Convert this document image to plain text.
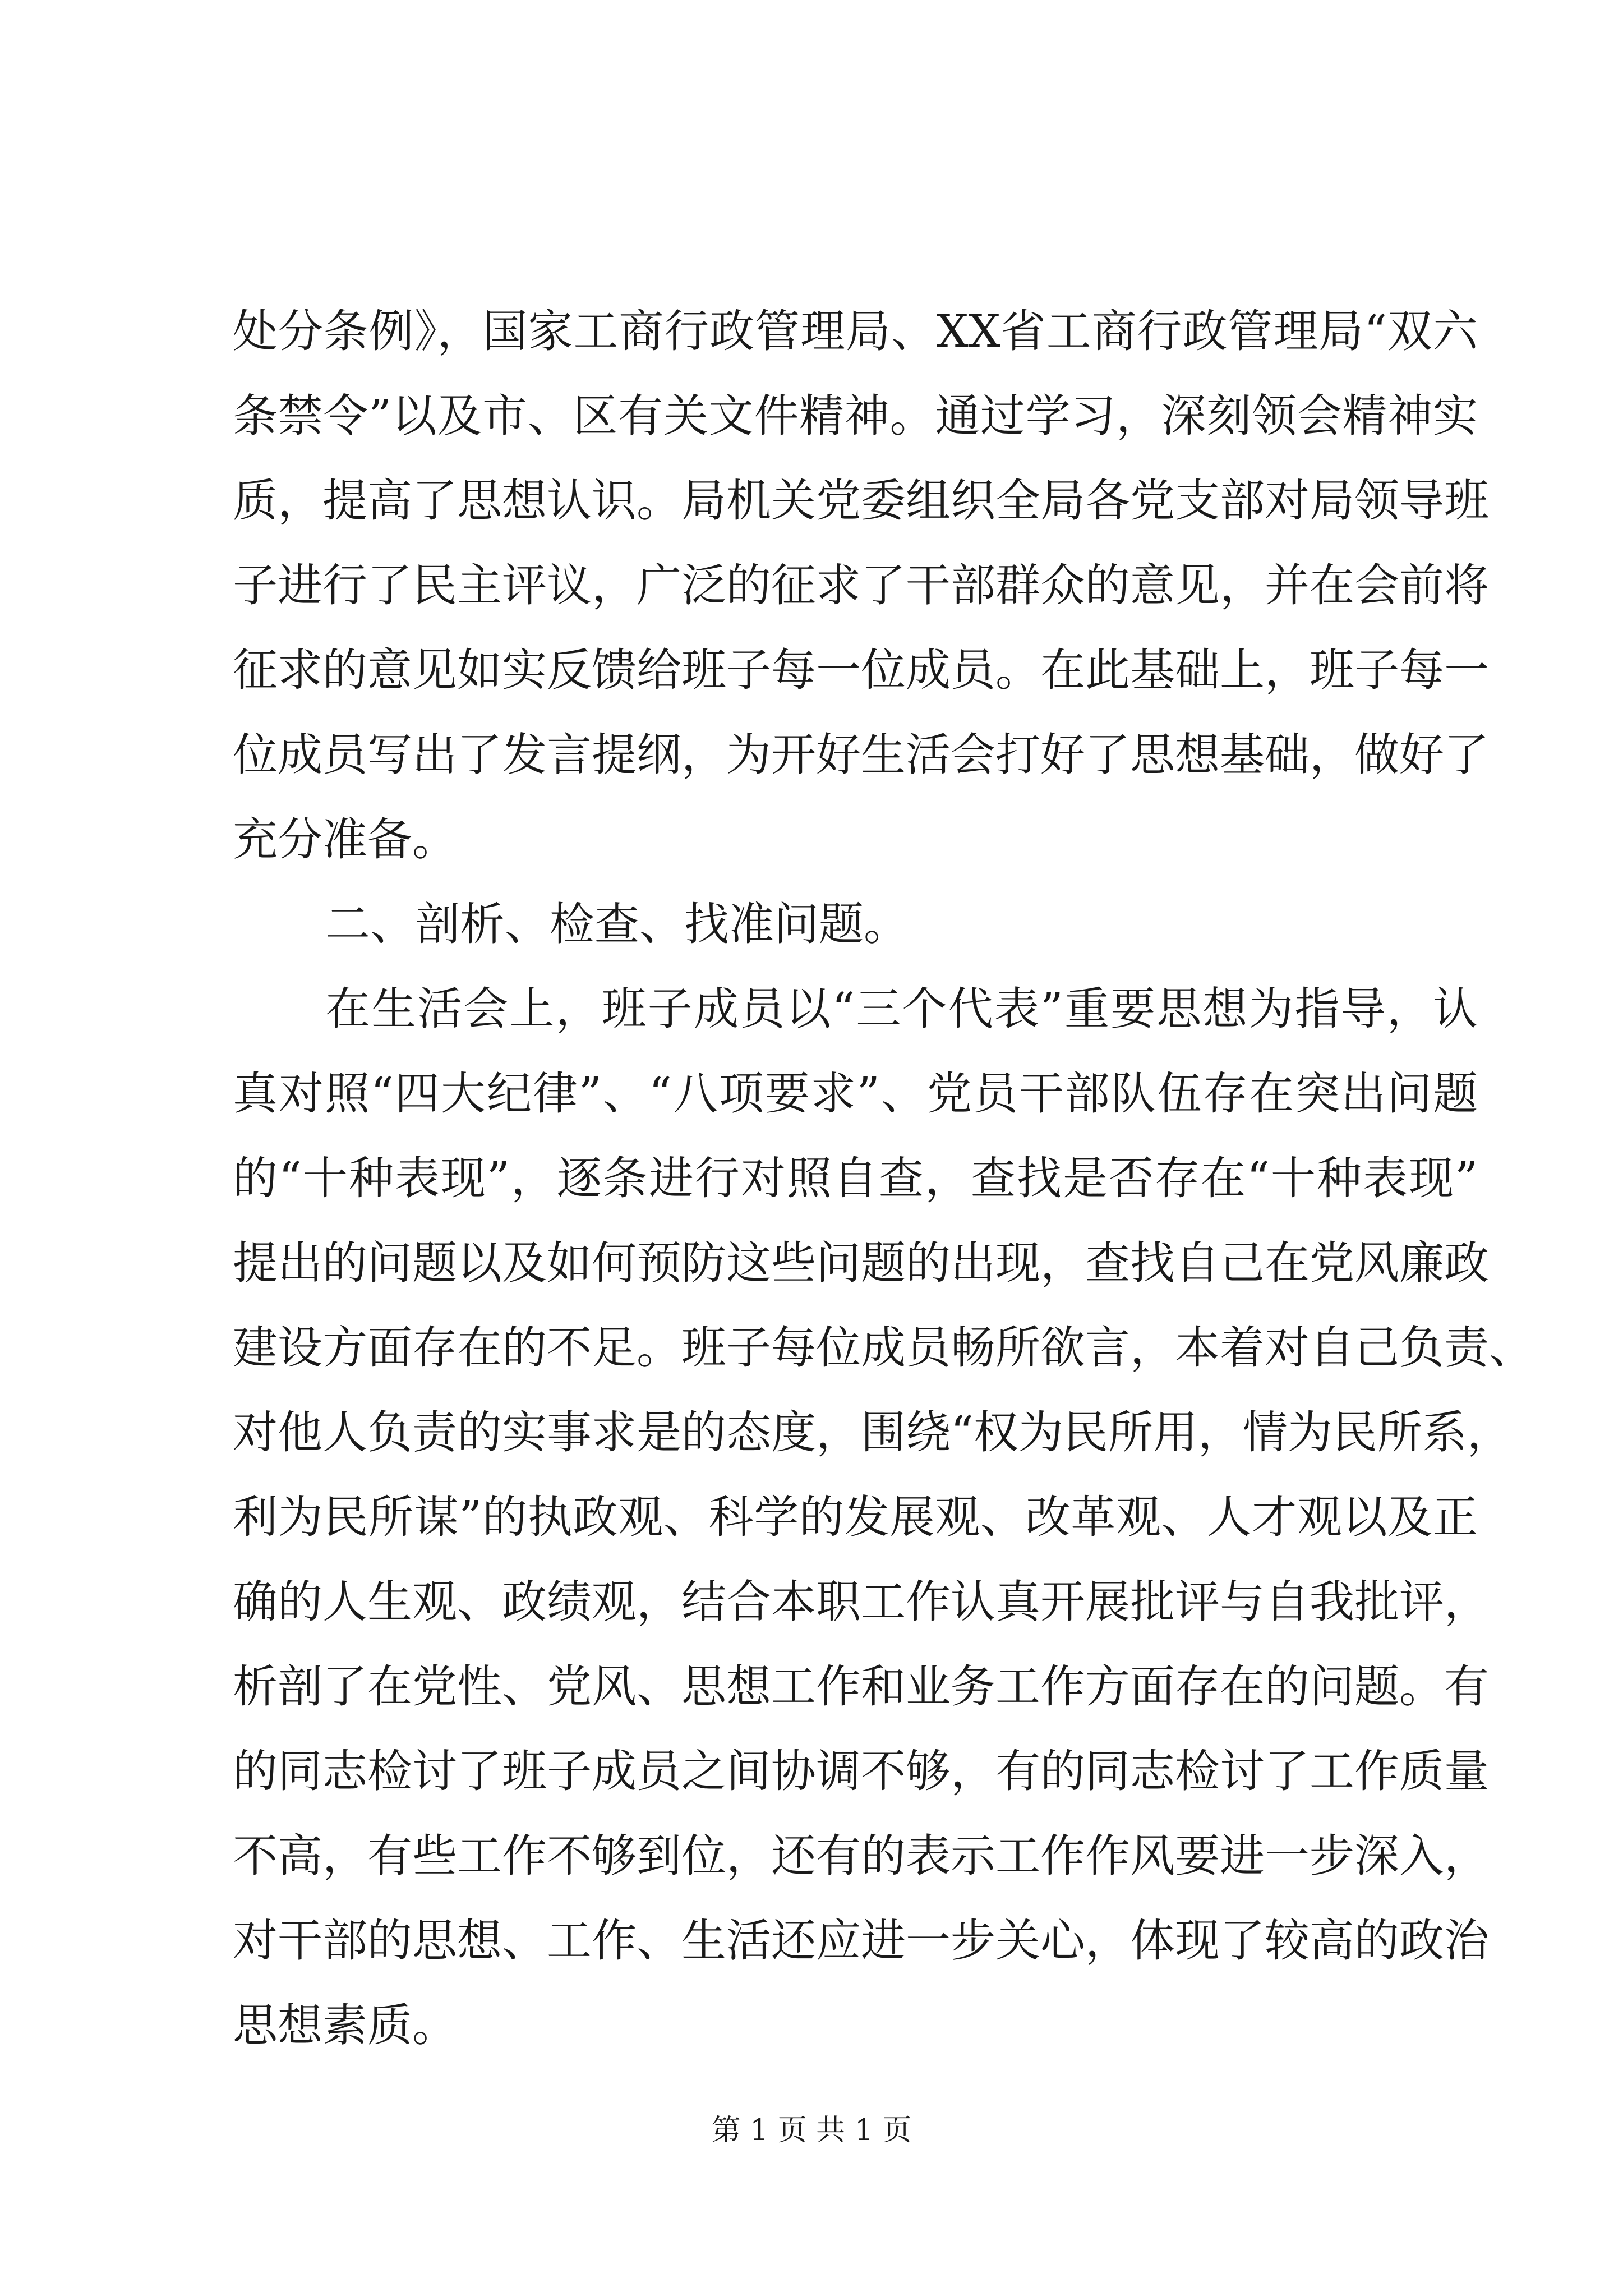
处分条例》，国家工商行政管理局、XX省工商行政管理局“双六
条禁令”以及市、区有关文件精神。通过学习，深刻领会精神实
质，提高了思想认识。局机关党委组织全局各党支部对局领导班
子进行了民主评议，广泛的征求了干部群众的意见，并在会前将
征求的意见如实反馈给班子每一位成员。在此基础上，班子每一
位成员写出了发言提纲，为开好生活会打好了思想基础，做好了
充分准备。
二、剖析、检查、找准问题。
在生活会上，班子成员以“三个代表”重要思想为指导，认
真对照“四大纪律”、“八项要求”、党员干部队伍存在突出问题
的“十种表现”，逐条进行对照自查，查找是否存在“十种表现”
提出的问题以及如何预防这些问题的出现，查找自己在党风廉政
建设方面存在的不足。班子每位成员畅所欲言，本着对自己负责、
对他人负责的实事求是的态度，围绕“权为民所用，情为民所系，
利为民所谋”的执政观、科学的发展观、改革观、人才观以及正
确的人生观、政绩观，结合本职工作认真开展批评与自我批评，
析剖了在党性、党风、思想工作和业务工作方面存在的问题。有
的同志检讨了班子成员之间协调不够，有的同志检讨了工作质量
不高，有些工作不够到位，还有的表示工作作风要进一步深入，
对干部的思想、工作、生活还应进一步关心，体现了较高的政治
思想素质。
第 1 页 共 1 页
